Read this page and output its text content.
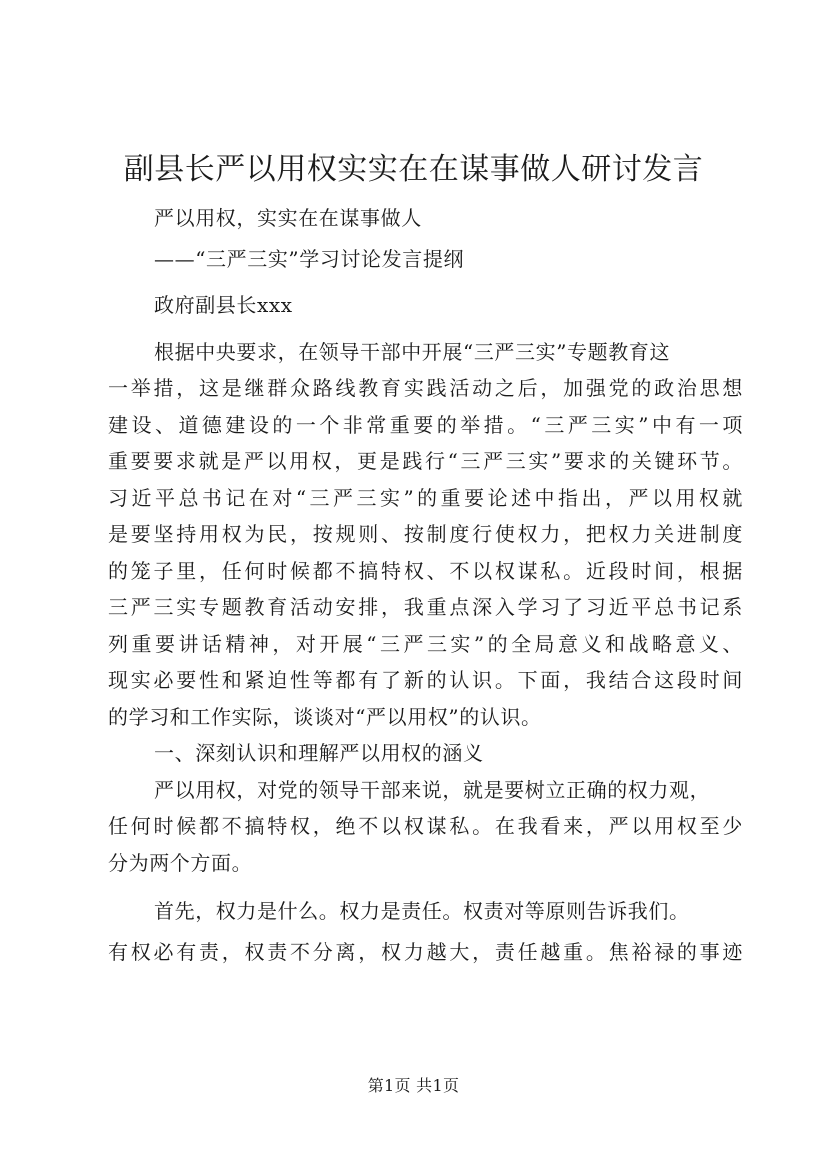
副县长严以用权实实在在谋事做人研讨发言
严以用权，实实在在谋事做人
——“三严三实”学习讨论发言提纲
政府副县长xxx
根据中央要求，在领导干部中开展“三严三实”专题教育这
一举措，这是继群众路线教育实践活动之后，加强党的政治思想
建设、道德建设的一个非常重要的举措。“三严三实”中有一项
重要要求就是严以用权，更是践行“三严三实”要求的关键环节。
习近平总书记在对“三严三实”的重要论述中指出，严以用权就
是要坚持用权为民，按规则、按制度行使权力，把权力关进制度
的笼子里，任何时候都不搞特权、不以权谋私。近段时间，根据
三严三实专题教育活动安排，我重点深入学习了习近平总书记系
列重要讲话精神，对开展“三严三实”的全局意义和战略意义、
现实必要性和紧迫性等都有了新的认识。下面，我结合这段时间
的学习和工作实际，谈谈对“严以用权”的认识。
一、深刻认识和理解严以用权的涵义
严以用权，对党的领导干部来说，就是要树立正确的权力观，
任何时候都不搞特权，绝不以权谋私。在我看来，严以用权至少
分为两个方面。
首先，权力是什么。权力是责任。权责对等原则告诉我们。
有权必有责，权责不分离，权力越大，责任越重。焦裕禄的事迹
第1页 共1页
